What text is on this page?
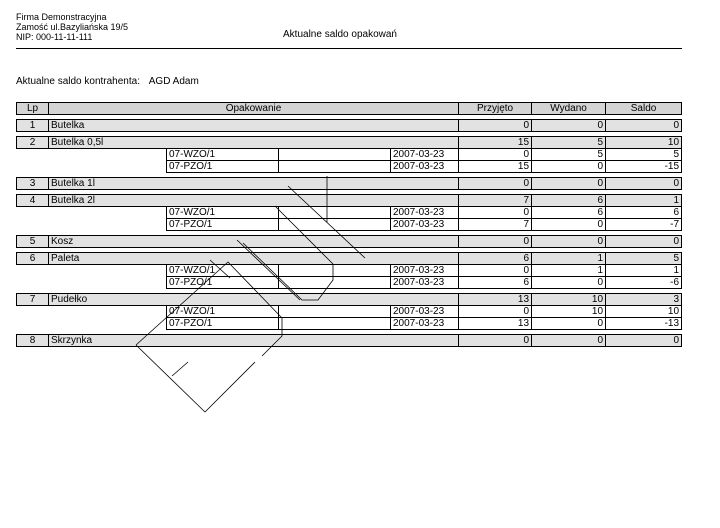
Firma Demonstracyjna
Zamość ul.Bazyliańska 19/5
NIP: 000-11-11-111	Aktualne saldo opakowań
Aktualne saldo kontrahenta: AGD Adam
Lp	Opakowanie				Przyjęto	Wydano	Saldo

1	Butelka				0	0	0

2	Butelka 0,5l				15	5	10
		07-WZO/1		2007-03-23	0	5	5
		07-PZO/1		2007-03-23	15	0	-15

3	Butelka 1l				0	0	0

4	Butelka 2l				7	6	1
		07-WZO/1		2007-03-23	0	6	6
		07-PZO/1		2007-03-23	7	0	-7

5	Kosz				0	0	0

6	Paleta				6	1	5
		07-WZO/1		2007-03-23	0	1	1
		07-PZO/1		2007-03-23	6	0	-6

7	Pudełko				13	10	3
		07-WZO/1		2007-03-23	0	10	10
		07-PZO/1		2007-03-23	13	0	-13

8	Skrzynka				0	0	0
